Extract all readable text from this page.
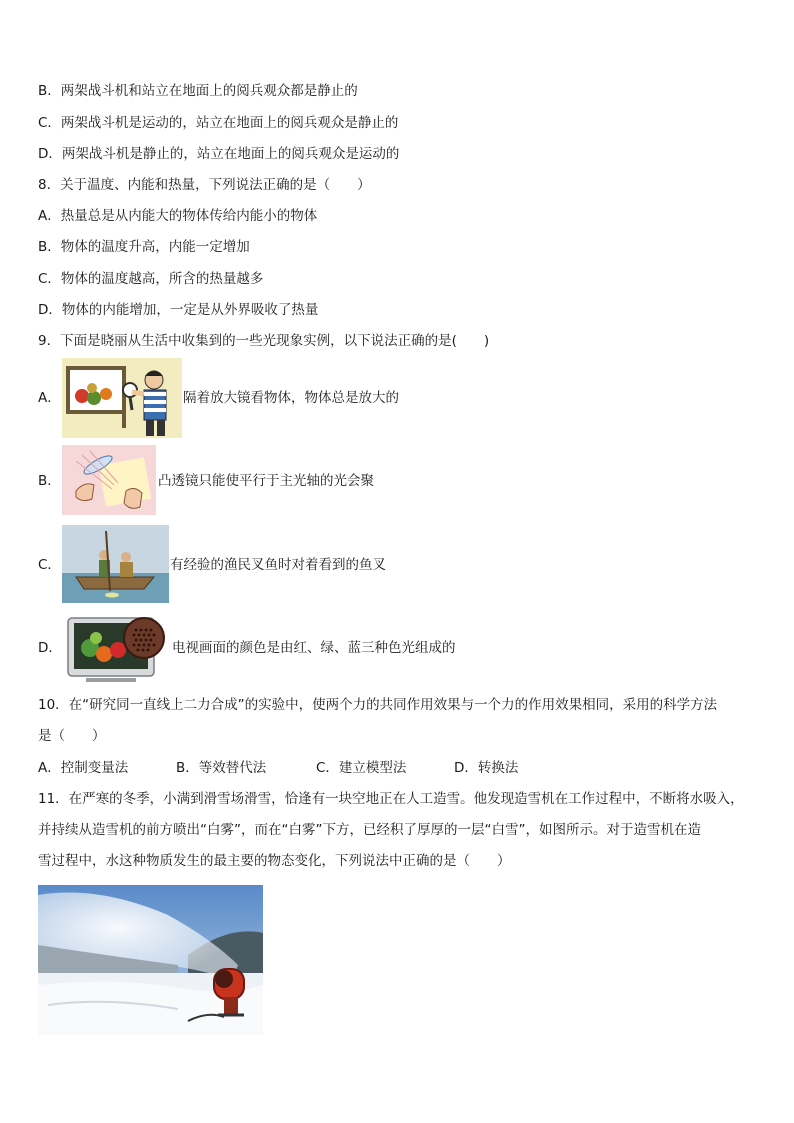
B．两架战斗机和站立在地面上的阅兵观众都是静止的
C．两架战斗机是运动的，站立在地面上的阅兵观众是静止的
D．两架战斗机是静止的，站立在地面上的阅兵观众是运动的
8．关于温度、内能和热量，下列说法正确的是（　　）
A．热量总是从内能大的物体传给内能小的物体
B．物体的温度升高，内能一定增加
C．物体的温度越高，所含的热量越多
D．物体的内能增加，一定是从外界吸收了热量
9．下面是晓丽从生活中收集到的一些光现象实例，以下说法正确的是(　　)
A．	隔着放大镜看物体，物体总是放大的
B．	凸透镜只能使平行于主光轴的光会聚
C．	有经验的渔民叉鱼时对着看到的鱼叉
D．	电视画面的颜色是由红、绿、蓝三种色光组成的
10．在“研究同一直线上二力合成”的实验中，使两个力的共同作用效果与一个力的作用效果相同，采用的科学方法
是（　　）
A．控制变量法	B．等效替代法	C．建立模型法	D．转换法
11．在严寒的冬季，小满到滑雪场滑雪，恰逢有一块空地正在人工造雪。他发现造雪机在工作过程中，不断将水吸入，
并持续从造雪机的前方喷出“白雾”，而在“白雾”下方，已经积了厚厚的一层“白雪”，如图所示。对于造雪机在造
雪过程中，水这种物质发生的最主要的物态变化，下列说法中正确的是（　　）
